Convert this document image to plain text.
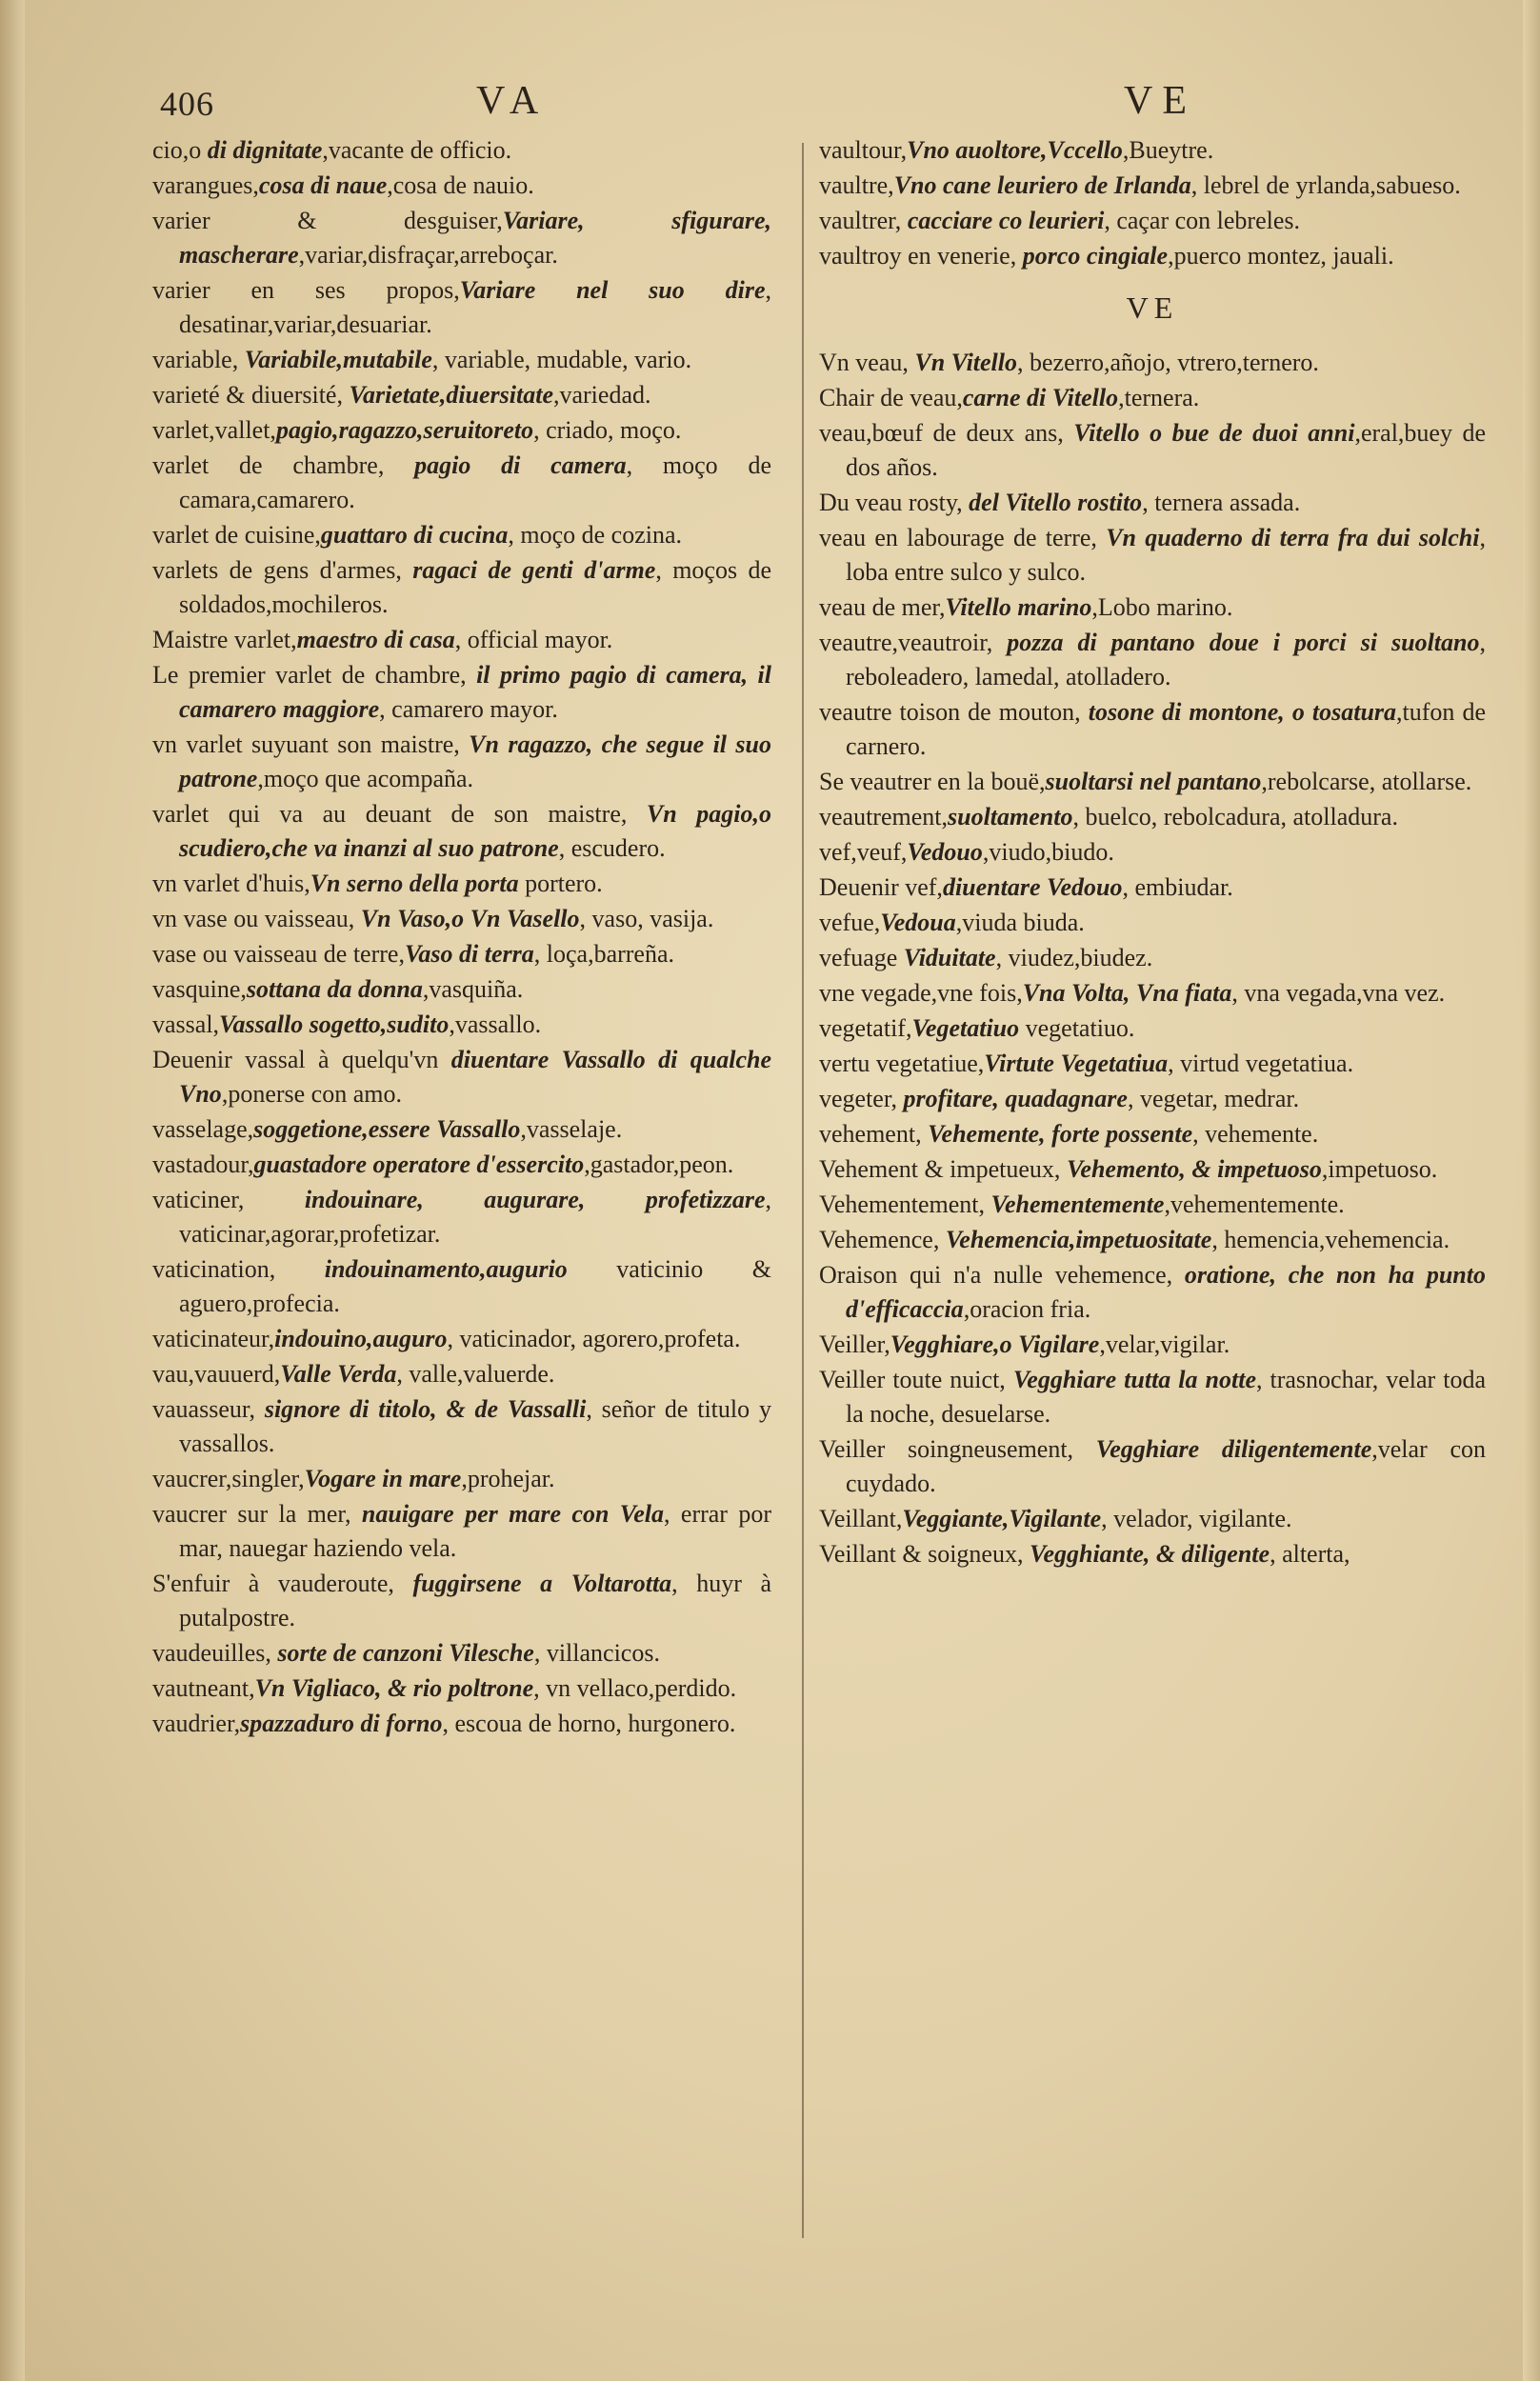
406	VA	VE
cio,o di dignitate,vacante de officio.
varangues,cosa di naue,cosa de nauio.
varier & desguiser,Variare, sfigurare, mascherare,variar,disfraçar,arreboçar.
varier en ses propos,Variare nel suo dire, desatinar,variar,desuariar.
variable, Variabile,mutabile, variable, mudable, vario.
varieté & diuersité, Varietate,diuersitate,variedad.
varlet,vallet,pagio,ragazzo,seruitoreto, criado, moço.
varlet de chambre, pagio di camera, moço de camara,camarero.
varlet de cuisine,guattaro di cucina, moço de cozina.
varlets de gens d'armes, ragaci de genti d'arme, moços de soldados,mochileros.
Maistre varlet,maestro di casa, official mayor.
Le premier varlet de chambre, il primo pagio di camera, il camarero maggiore, camarero mayor.
vn varlet suyuant son maistre, Vn ragazzo, che segue il suo patrone,moço que acompaña.
varlet qui va au deuant de son maistre, Vn pagio,o scudiero,che va inanzi al suo patrone, escudero.
vn varlet d'huis,Vn serno della porta portero.
vn vase ou vaisseau, Vn Vaso,o Vn Vasello, vaso, vasija.
vase ou vaisseau de terre,Vaso di terra, loça,barreña.
vasquine,sottana da donna,vasquiña.
vassal,Vassallo sogetto,sudito,vassallo.
Deuenir vassal à quelqu'vn diuentare Vassallo di qualche Vno,ponerse con amo.
vasselage,soggetione,essere Vassallo,vasselaje.
vastadour,guastadore operatore d'essercito,gastador,peon.
vaticiner, indouinare, augurare, profetizzare, vaticinar,agorar,profetizar.
vaticination, indouinamento,augurio vaticinio & aguero,profecia.
vaticinateur,indouino,auguro, vaticinador, agorero,profeta.
vau,vauuerd,Valle Verda, valle,valuerde.
vauasseur, signore di titolo, & de Vassalli, señor de titulo y vassallos.
vaucrer,singler,Vogare in mare,prohejar.
vaucrer sur la mer, nauigare per mare con Vela, errar por mar, nauegar haziendo vela.
S'enfuir à vauderoute, fuggirsene a Voltarotta, huyr à putalpostre.
vaudeuilles, sorte de canzoni Vilesche, villancicos.
vautneant,Vn Vigliaco, & rio poltrone, vn vellaco,perdido.
vaudrier,spazzaduro di forno, escoua de horno, hurgonero.
vaultour,Vno auoltore,Vccello,Bueytre.
vaultre,Vno cane leuriero de Irlanda, lebrel de yrlanda,sabueso.
vaultrer, cacciare co leurieri, caçar con lebreles.
vaultroy en venerie, porco cingiale,puerco montez, jauali.
VE
Vn veau, Vn Vitello, bezerro,añojo, vtrero,ternero.
Chair de veau,carne di Vitello,ternera.
veau,bœuf de deux ans, Vitello o bue de duoi anni,eral,buey de dos años.
Du veau rosty, del Vitello rostito, ternera assada.
veau en labourage de terre, Vn quaderno di terra fra dui solchi, loba entre sulco y sulco.
veau de mer,Vitello marino,Lobo marino.
veautre,veautroir, pozza di pantano doue i porci si suoltano, reboleadero, lamedal, atolladero.
veautre toison de mouton, tosone di montone, o tosatura,tufon de carnero.
Se veautrer en la bouë,suoltarsi nel pantano,rebolcarse, atollarse.
veautrement,suoltamento, buelco, rebolcadura, atolladura.
vef,veuf,Vedouo,viudo,biudo.
Deuenir vef,diuentare Vedouo, embiudar.
vefue,Vedoua,viuda biuda.
vefuage Viduitate, viudez,biudez.
vne vegade,vne fois,Vna Volta, Vna fiata, vna vegada,vna vez.
vegetatif,Vegetatiuo vegetatiuo.
vertu vegetatiue,Virtute Vegetatiua, virtud vegetatiua.
vegeter, profitare, quadagnare, vegetar, medrar.
vehement, Vehemente, forte possente, vehemente.
Vehement & impetueux, Vehemento, & impetuoso,impetuoso.
Vehementement, Vehementemente,vehementemente.
Vehemence, Vehemencia,impetuositate, hemencia,vehemencia.
Oraison qui n'a nulle vehemence, oratione, che non ha punto d'efficaccia,oracion fria.
Veiller,Vegghiare,o Vigilare,velar,vigilar.
Veiller toute nuict, Vegghiare tutta la notte, trasnochar, velar toda la noche, desuelarse.
Veiller soingneusement, Vegghiare diligentemente,velar con cuydado.
Veillant,Veggiante,Vigilante, velador, vigilante.
Veillant & soigneux, Vegghiante, & diligente, alterta,
